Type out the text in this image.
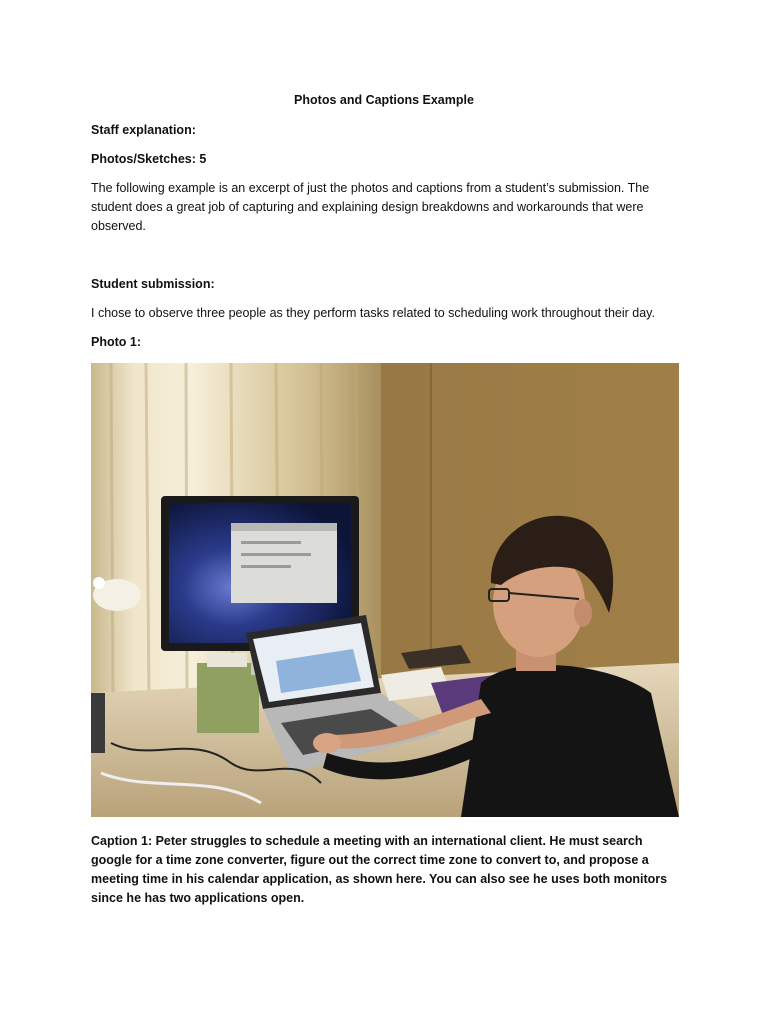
Photos and Captions Example
Staff explanation:
Photos/Sketches: 5
The following example is an excerpt of just the photos and captions from a student’s submission. The student does a great job of capturing and explaining design breakdowns and workarounds that were observed.
Student submission:
I chose to observe three people as they perform tasks related to scheduling work throughout their day.
Photo 1:
Caption 1: Peter struggles to schedule a meeting with an international client. He must search google for a time zone converter, figure out the correct time zone to convert to, and propose a meeting time in his calendar application, as shown here. You can also see he uses both monitors since he has two applications open.
